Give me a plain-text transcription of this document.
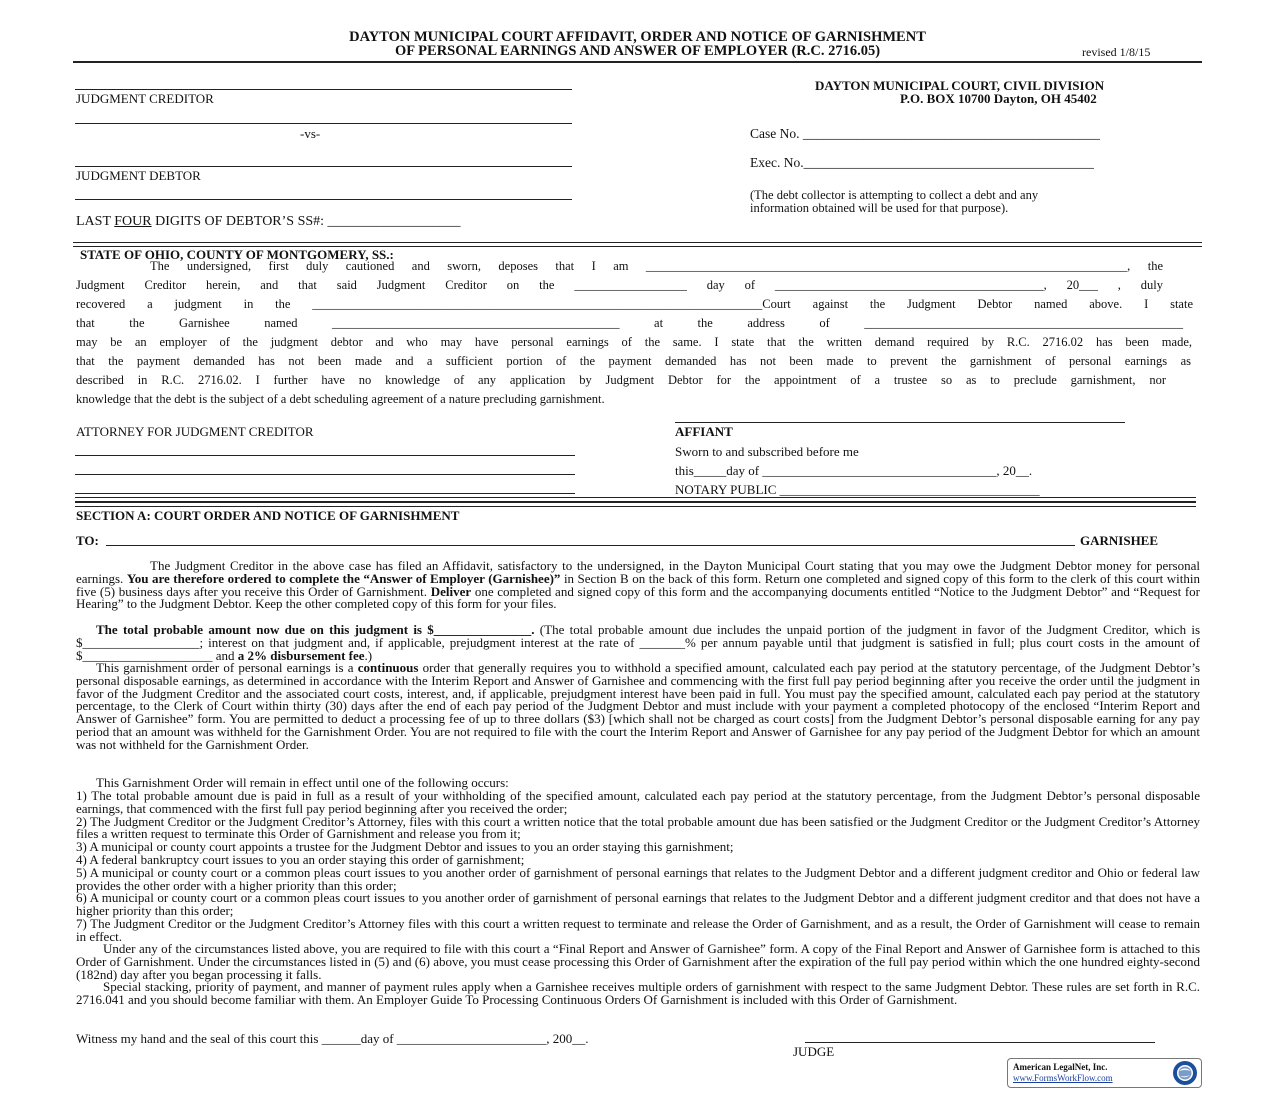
DAYTON MUNICIPAL COURT AFFIDAVIT, ORDER AND NOTICE OF GARNISHMENT
OF PERSONAL EARNINGS AND ANSWER OF EMPLOYER (R.C. 2716.05)	revised 1/8/15
JUDGMENT CREDITOR
-vs-
JUDGMENT DEBTOR
LAST FOUR DIGITS OF DEBTOR’S SS#: ___________________
DAYTON MUNICIPAL COURT, CIVIL DIVISION
P.O. BOX 10700 Dayton, OH 45402
Case No. ____________________________________________
Exec. No.___________________________________________
(The debt collector is attempting to collect a debt and any
information obtained will be used for that purpose).
STATE OF OHIO, COUNTY OF MONTGOMERY, SS.:
The undersigned, first duly cautioned and sworn, deposes that I am _____________________________________________________________________________, the
Judgment Creditor herein, and that said Judgment Creditor on the __________________ day of ___________________________________________, 20___ , duly
recovered a judgment in the ________________________________________________________________________Court against the Judgment Debtor named above. I state
that the Garnishee named ______________________________________________ at the address of ___________________________________________________
may be an employer of the judgment debtor and who may have personal earnings of the same. I state that the written demand required by R.C. 2716.02 has been made,
that the payment demanded has not been made and a sufficient portion of the payment demanded has not been made to prevent the garnishment of personal earnings as
described in R.C. 2716.02. I further have no knowledge of any application by Judgment Debtor for the appointment of a trustee so as to preclude garnishment, nor
knowledge that the debt is the subject of a debt scheduling agreement of a nature precluding garnishment.
ATTORNEY FOR JUDGMENT CREDITOR	AFFIANT
Sworn to and subscribed before me
this_____day of ____________________________________, 20__.
NOTARY PUBLIC ________________________________________
SECTION A: COURT ORDER AND NOTICE OF GARNISHMENT
TO:	GARNISHEE
The Judgment Creditor in the above case has filed an Affidavit, satisfactory to the undersigned, in the Dayton Municipal Court stating that you may owe the Judgment Debtor money for personal earnings. You are therefore ordered to complete the “Answer of Employer (Garnishee)” in Section B on the back of this form. Return one completed and signed copy of this form to the clerk of this court within five (5) business days after you receive this Order of Garnishment. Deliver one completed and signed copy of this form and the accompanying documents entitled “Notice to the Judgment Debtor” and “Request for Hearing” to the Judgment Debtor. Keep the other completed copy of this form for your files.
The total probable amount now due on this judgment is $_______________. (The total probable amount due includes the unpaid portion of the judgment in favor of the Judgment Creditor, which is $__________________; interest on that judgment and, if applicable, prejudgment interest at the rate of _______% per annum payable until that judgment is satisfied in full; plus court costs in the amount of $____________________ and a 2% disbursement fee.)
This garnishment order of personal earnings is a continuous order that generally requires you to withhold a specified amount, calculated each pay period at the statutory percentage, of the Judgment Debtor’s personal disposable earnings, as determined in accordance with the Interim Report and Answer of Garnishee and commencing with the first full pay period beginning after you receive the order until the judgment in favor of the Judgment Creditor and the associated court costs, interest, and, if applicable, prejudgment interest have been paid in full. You must pay the specified amount, calculated each pay period at the statutory percentage, to the Clerk of Court within thirty (30) days after the end of each pay period of the Judgment Debtor and must include with your payment a completed photocopy of the enclosed “Interim Report and Answer of Garnishee” form. You are permitted to deduct a processing fee of up to three dollars ($3) [which shall not be charged as court costs] from the Judgment Debtor’s personal disposable earning for any pay period that an amount was withheld for the Garnishment Order. You are not required to file with the court the Interim Report and Answer of Garnishee for any pay period of the Judgment Debtor for which an amount was not withheld for the Garnishment Order.
This Garnishment Order will remain in effect until one of the following occurs:
1) The total probable amount due is paid in full as a result of your withholding of the specified amount, calculated each pay period at the statutory percentage, from the Judgment Debtor’s personal disposable earnings, that commenced with the first full pay period beginning after you received the order;
2) The Judgment Creditor or the Judgment Creditor’s Attorney, files with this court a written notice that the total probable amount due has been satisfied or the Judgment Creditor or the Judgment Creditor’s Attorney files a written request to terminate this Order of Garnishment and release you from it;
3) A municipal or county court appoints a trustee for the Judgment Debtor and issues to you an order staying this garnishment;
4) A federal bankruptcy court issues to you an order staying this order of garnishment;
5) A municipal or county court or a common pleas court issues to you another order of garnishment of personal earnings that relates to the Judgment Debtor and a different judgment creditor and Ohio or federal law provides the other order with a higher priority than this order;
6) A municipal or county court or a common pleas court issues to you another order of garnishment of personal earnings that relates to the Judgment Debtor and a different judgment creditor and that does not have a higher priority than this order;
7) The Judgment Creditor or the Judgment Creditor’s Attorney files with this court a written request to terminate and release the Order of Garnishment, and as a result, the Order of Garnishment will cease to remain in effect.
Under any of the circumstances listed above, you are required to file with this court a “Final Report and Answer of Garnishee” form. A copy of the Final Report and Answer of Garnishee form is attached to this Order of Garnishment. Under the circumstances listed in (5) and (6) above, you must cease processing this Order of Garnishment after the expiration of the full pay period within which the one hundred eighty-second (182nd) day after you began processing it falls.
Special stacking, priority of payment, and manner of payment rules apply when a Garnishee receives multiple orders of garnishment with respect to the same Judgment Debtor. These rules are set forth in R.C. 2716.041 and you should become familiar with them. An Employer Guide To Processing Continuous Orders Of Garnishment is included with this Order of Garnishment.
Witness my hand and the seal of this court this ______day of _______________________, 200__.
JUDGE
American LegalNet, Inc.
www.FormsWorkFlow.com
